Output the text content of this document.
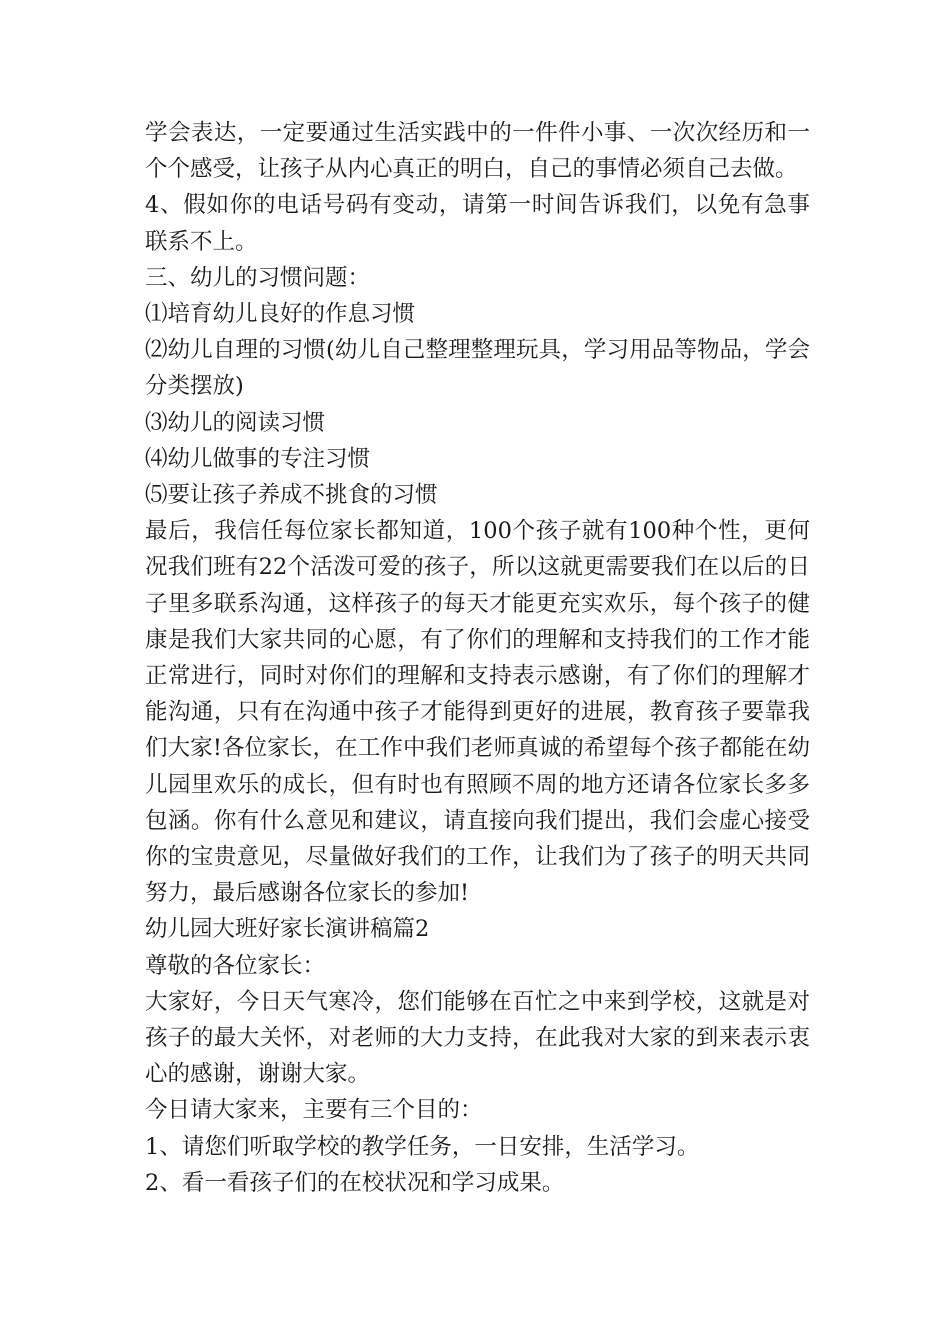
学会表达，一定要通过生活实践中的一件件小事、一次次经历和一个个感受，让孩子从内心真正的明白，自己的事情必须自己去做。

4、假如你的电话号码有变动，请第一时间告诉我们，以免有急事联系不上。

三、幼儿的习惯问题：

⑴培育幼儿良好的作息习惯

⑵幼儿自理的习惯(幼儿自己整理整理玩具，学习用品等物品，学会分类摆放)

⑶幼儿的阅读习惯

⑷幼儿做事的专注习惯

⑸要让孩子养成不挑食的习惯

最后，我信任每位家长都知道，100个孩子就有100种个性，更何况我们班有22个活泼可爱的孩子，所以这就更需要我们在以后的日子里多联系沟通，这样孩子的每天才能更充实欢乐，每个孩子的健康是我们大家共同的心愿，有了你们的理解和支持我们的工作才能正常进行，同时对你们的理解和支持表示感谢，有了你们的理解才能沟通，只有在沟通中孩子才能得到更好的进展，教育孩子要靠我们大家!各位家长，在工作中我们老师真诚的希望每个孩子都能在幼儿园里欢乐的成长，但有时也有照顾不周的地方还请各位家长多多包涵。你有什么意见和建议，请直接向我们提出，我们会虚心接受你的宝贵意见，尽量做好我们的工作，让我们为了孩子的明天共同努力，最后感谢各位家长的参加!

幼儿园大班好家长演讲稿篇2

尊敬的各位家长：

大家好，今日天气寒冷，您们能够在百忙之中来到学校，这就是对孩子的最大关怀，对老师的大力支持，在此我对大家的到来表示衷心的感谢，谢谢大家。

今日请大家来，主要有三个目的：

1、请您们听取学校的教学任务，一日安排，生活学习。

2、看一看孩子们的在校状况和学习成果。
